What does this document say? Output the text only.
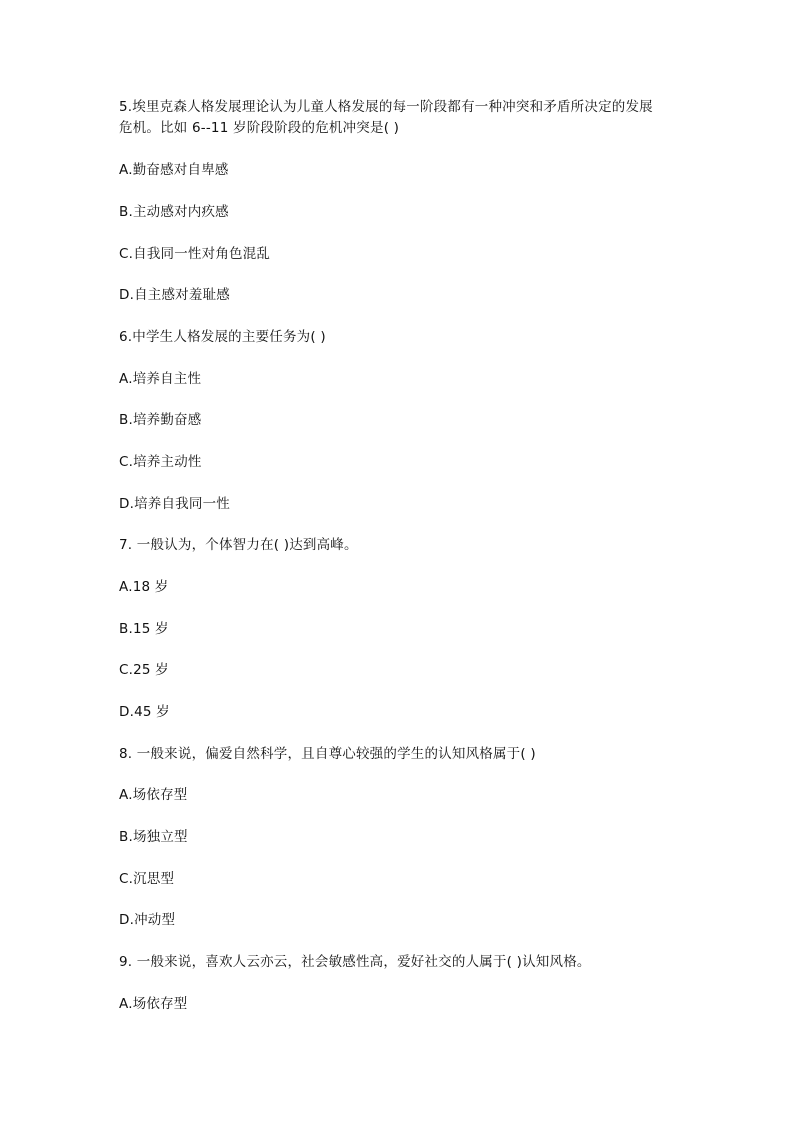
5.埃里克森人格发展理论认为儿童人格发展的每一阶段都有一种冲突和矛盾所决定的发展
危机。比如 6--11 岁阶段阶段的危机冲突是( )
A.勤奋感对自卑感
B.主动感对内疚感
C.自我同一性对角色混乱
D.自主感对羞耻感
6.中学生人格发展的主要任务为( )
A.培养自主性
B.培养勤奋感
C.培养主动性
D.培养自我同一性
7. 一般认为，个体智力在( )达到高峰。
A.18 岁
B.15 岁
C.25 岁
D.45 岁
8. 一般来说，偏爱自然科学，且自尊心较强的学生的认知风格属于( )
A.场依存型
B.场独立型
C.沉思型
D.冲动型
9. 一般来说，喜欢人云亦云，社会敏感性高，爱好社交的人属于( )认知风格。
A.场依存型
